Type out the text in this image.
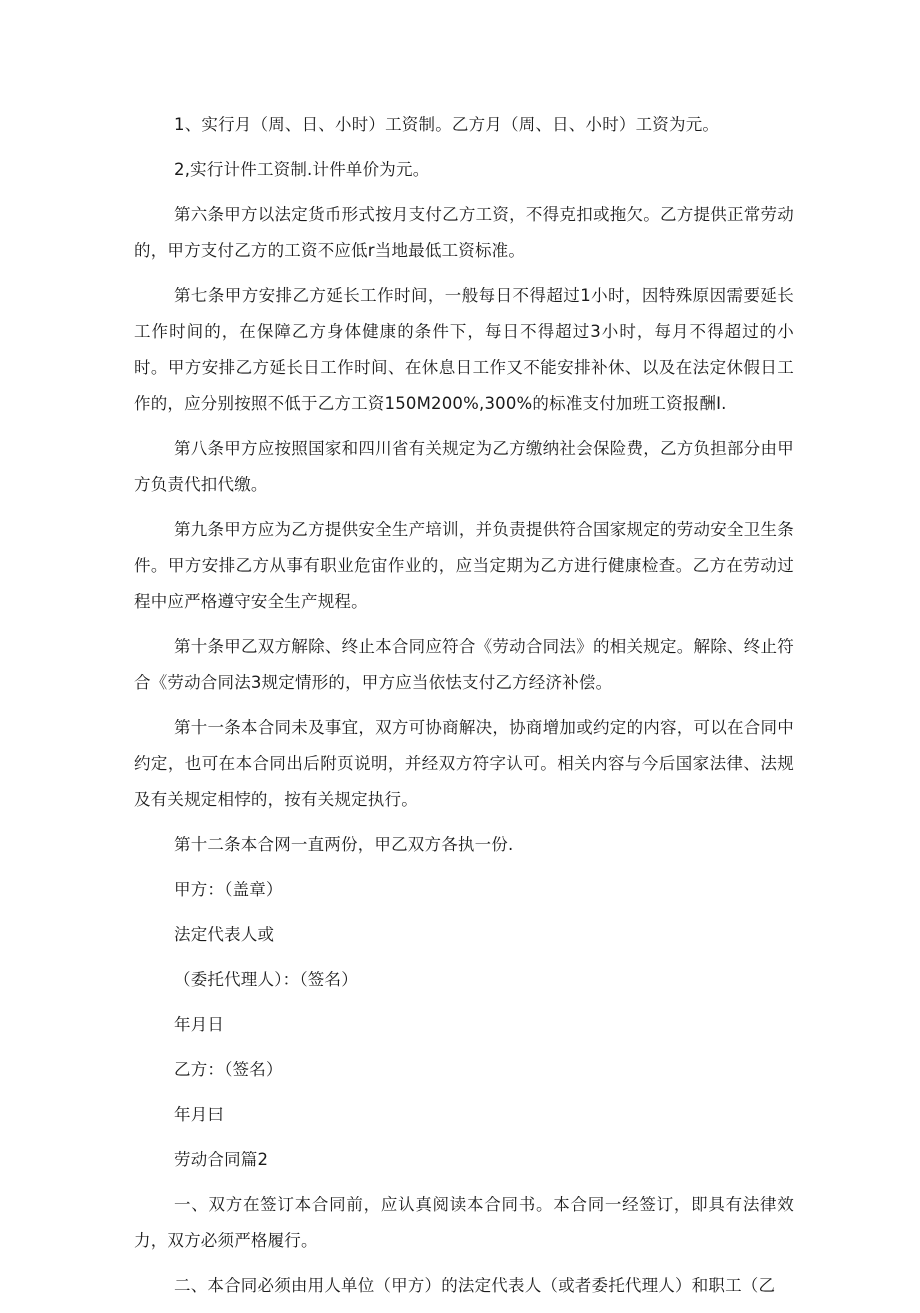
1、实行月（周、日、小时）工资制。乙方月（周、日、小时）工资为元。

2,实行计件工资制.计件单价为元。

第六条甲方以法定货币形式按月支付乙方工资，不得克扣或拖欠。乙方提供正常劳动的，甲方支付乙方的工资不应低r当地最低工资标准。

第七条甲方安排乙方延长工作时间，一般每日不得超过1小时，因特殊原因需要延长工作时间的，在保障乙方身体健康的条件下，每日不得超过3小时，每月不得超过的小时。甲方安排乙方延长日工作时间、在休息日工作又不能安排补休、以及在法定休假日工作的，应分别按照不低于乙方工资150M200%,300%的标准支付加班工资报酬I.

第八条甲方应按照国家和四川省有关规定为乙方缴纳社会保险费，乙方负担部分由甲方负责代扣代缴。

第九条甲方应为乙方提供安全生产培训，并负责提供符合国家规定的劳动安全卫生条件。甲方安排乙方从事有职业危宙作业的，应当定期为乙方进行健康检查。乙方在劳动过程中应严格遵守安全生产规程。

第十条甲乙双方解除、终止本合同应符合《劳动合同法》的相关规定。解除、终止符合《劳动合同法3规定情形的，甲方应当依怯支付乙方经济补偿。

第十一条本合同未及事宜，双方可协商解决，协商增加或约定的内容，可以在合同中约定，也可在本合同出后附页说明，并经双方符字认可。相关内容与今后国家法律、法规及有关规定相悖的，按有关规定执行。

第十二条本合网一直两份，甲乙双方各执一份.

甲方：（盖章）

法定代表人或

（委托代理人）：（签名）

年月日

乙方：（签名）

年月曰

劳动合同篇2

一、双方在签订本合同前，应认真阅读本合同书。本合同一经签订，即具有法律效力，双方必须严格履行。

二、本合同必须由用人单位（甲方）的法定代表人（或者委托代理人）和职工（乙
